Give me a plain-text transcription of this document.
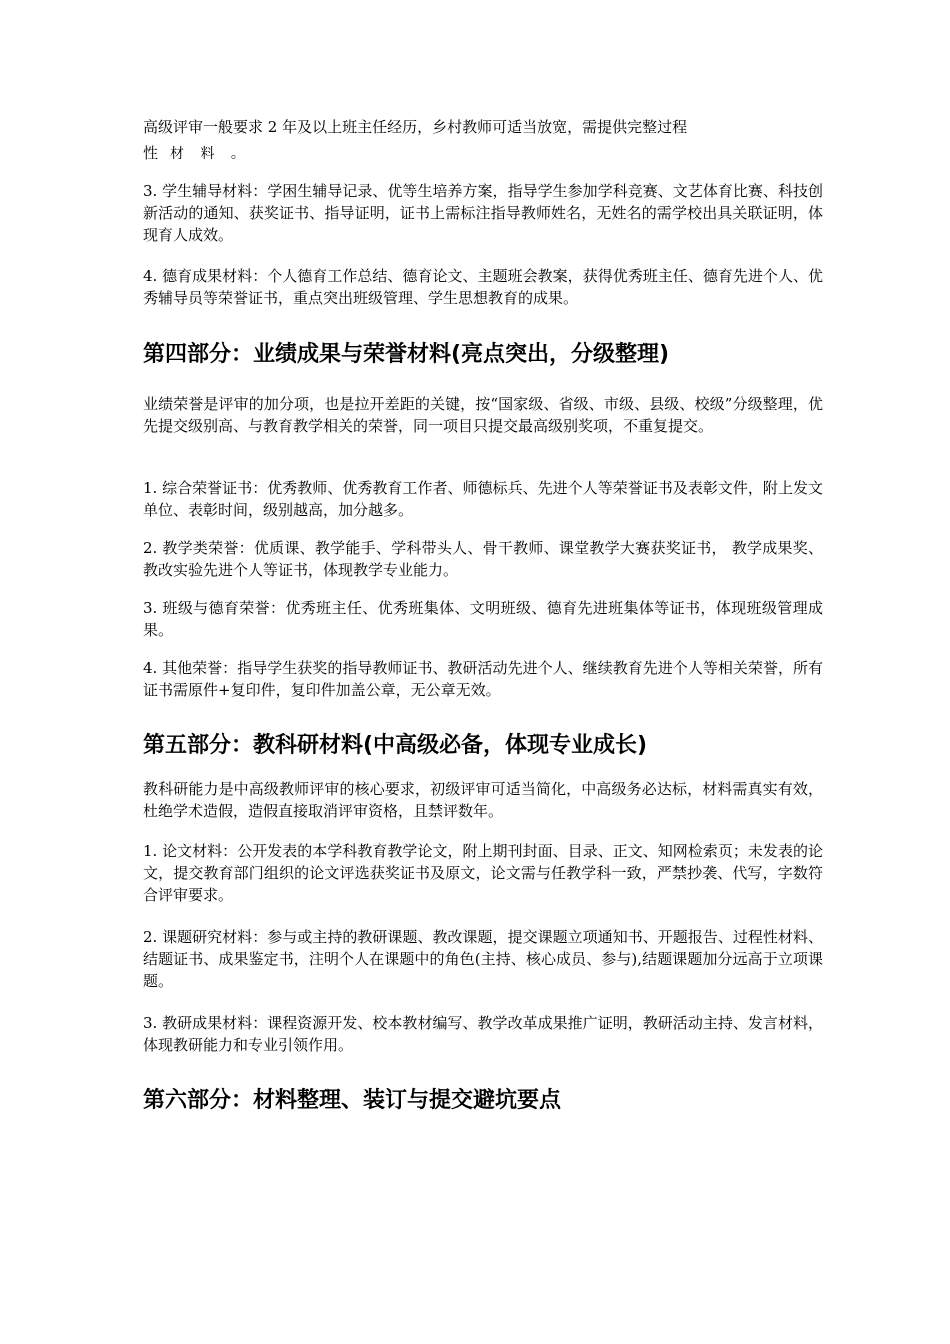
高级评审一般要求 2 年及以上班主任经历，乡村教师可适当放宽，需提供完整过程

性 材 料 。

3. 学生辅导材料：学困生辅导记录、优等生培养方案，指导学生参加学科竞赛、文艺体育比赛、科技创新活动的通知、获奖证书、指导证明，证书上需标注指导教师姓名，无姓名的需学校出具关联证明，体现育人成效。

4. 德育成果材料：个人德育工作总结、德育论文、主题班会教案，获得优秀班主任、德育先进个人、优秀辅导员等荣誉证书，重点突出班级管理、学生思想教育的成果。

第四部分：业绩成果与荣誉材料(亮点突出，分级整理)

业绩荣誉是评审的加分项，也是拉开差距的关键，按“国家级、省级、市级、县级、校级”分级整理，优先提交级别高、与教育教学相关的荣誉，同一项目只提交最高级别奖项，不重复提交。

1. 综合荣誉证书：优秀教师、优秀教育工作者、师德标兵、先进个人等荣誉证书及表彰文件，附上发文单位、表彰时间，级别越高，加分越多。

2. 教学类荣誉：优质课、教学能手、学科带头人、骨干教师、课堂教学大赛获奖证书， 教学成果奖、教改实验先进个人等证书，体现教学专业能力。

3. 班级与德育荣誉：优秀班主任、优秀班集体、文明班级、德育先进班集体等证书，体现班级管理成果。

4. 其他荣誉：指导学生获奖的指导教师证书、教研活动先进个人、继续教育先进个人等相关荣誉，所有证书需原件+复印件，复印件加盖公章，无公章无效。

第五部分：教科研材料(中高级必备，体现专业成长)

教科研能力是中高级教师评审的核心要求，初级评审可适当简化，中高级务必达标，材料需真实有效，杜绝学术造假，造假直接取消评审资格，且禁评数年。

1. 论文材料：公开发表的本学科教育教学论文，附上期刊封面、目录、正文、知网检索页；未发表的论文，提交教育部门组织的论文评选获奖证书及原文，论文需与任教学科一致，严禁抄袭、代写，字数符合评审要求。

2. 课题研究材料：参与或主持的教研课题、教改课题，提交课题立项通知书、开题报告、过程性材料、结题证书、成果鉴定书，注明个人在课题中的角色(主持、核心成员、参与),结题课题加分远高于立项课题。

3. 教研成果材料：课程资源开发、校本教材编写、教学改革成果推广证明，教研活动主持、发言材料，体现教研能力和专业引领作用。

第六部分：材料整理、装订与提交避坑要点
